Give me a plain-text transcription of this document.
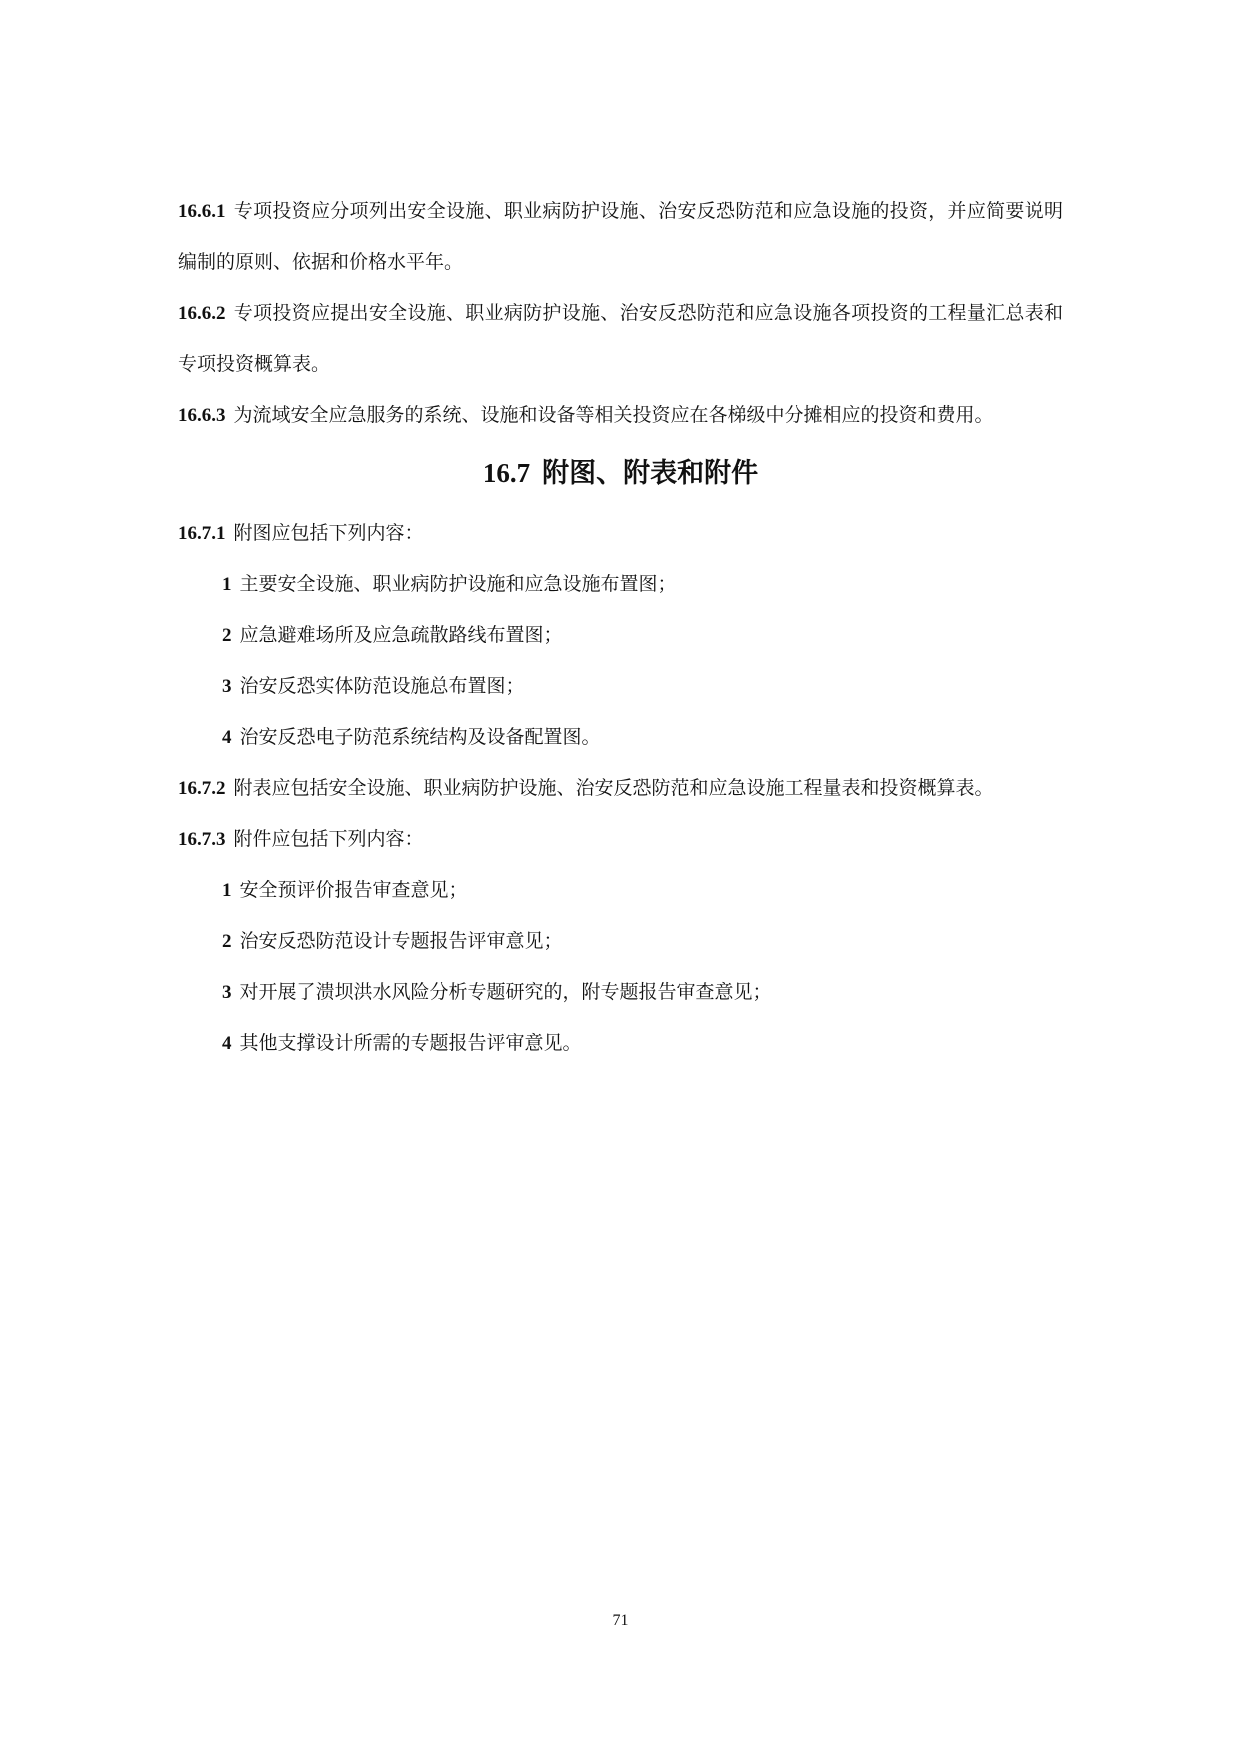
16.6.1 专项投资应分项列出安全设施、职业病防护设施、治安反恐防范和应急设施的投资，并应简要说明编制的原则、依据和价格水平年。

16.6.2 专项投资应提出安全设施、职业病防护设施、治安反恐防范和应急设施各项投资的工程量汇总表和专项投资概算表。

16.6.3 为流域安全应急服务的系统、设施和设备等相关投资应在各梯级中分摊相应的投资和费用。

16.7 附图、附表和附件

16.7.1 附图应包括下列内容：

1 主要安全设施、职业病防护设施和应急设施布置图；

2 应急避难场所及应急疏散路线布置图；

3 治安反恐实体防范设施总布置图；

4 治安反恐电子防范系统结构及设备配置图。

16.7.2 附表应包括安全设施、职业病防护设施、治安反恐防范和应急设施工程量表和投资概算表。

16.7.3 附件应包括下列内容：

1 安全预评价报告审查意见；

2 治安反恐防范设计专题报告评审意见；

3 对开展了溃坝洪水风险分析专题研究的，附专题报告审查意见；

4 其他支撑设计所需的专题报告评审意见。

71
